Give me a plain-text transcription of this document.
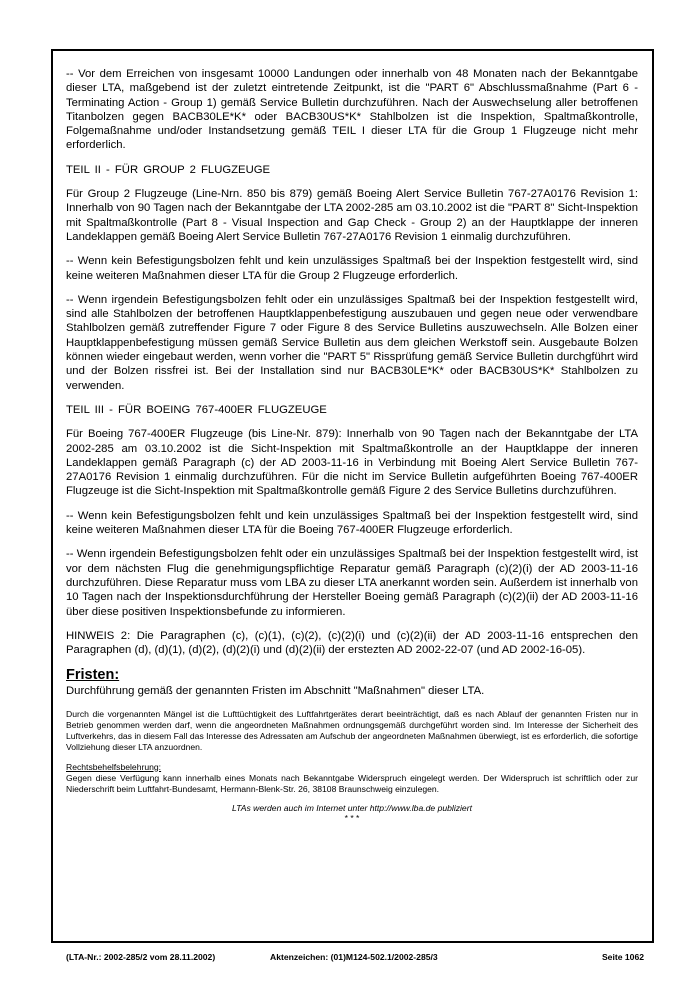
-- Vor dem Erreichen von insgesamt 10000 Landungen oder innerhalb von 48 Monaten nach der Bekanntgabe dieser LTA, maßgebend ist der zuletzt eintretende Zeitpunkt, ist die "PART 6" Abschlussmaßnahme (Part 6 - Terminating Action - Group 1) gemäß Service Bulletin durchzuführen. Nach der Auswechselung aller betroffenen Titanbolzen gegen BACB30LE*K* oder BACB30US*K* Stahlbolzen ist die Inspektion, Spaltmaßkontrolle, Folgemaßnahme und/oder Instandsetzung gemäß TEIL I dieser LTA für die Group 1 Flugzeuge nicht mehr erforderlich.

TEIL II - FÜR GROUP 2 FLUGZEUGE

Für Group 2 Flugzeuge (Line-Nrn. 850 bis 879) gemäß Boeing Alert Service Bulletin 767-27A0176 Revision 1: Innerhalb von 90 Tagen nach der Bekanntgabe der LTA 2002-285 am 03.10.2002 ist die "PART 8" Sicht-Inspektion mit Spaltmaßkontrolle (Part 8 - Visual Inspection and Gap Check - Group 2) an der Hauptklappe der inneren Landeklappen gemäß Boeing Alert Service Bulletin 767-27A0176 Revision 1 einmalig durchzuführen.

-- Wenn kein Befestigungsbolzen fehlt und kein unzulässiges Spaltmaß bei der Inspektion festgestellt wird, sind keine weiteren Maßnahmen dieser LTA für die Group 2 Flugzeuge erforderlich.

-- Wenn irgendein Befestigungsbolzen fehlt oder ein unzulässiges Spaltmaß bei der Inspektion festgestellt wird, sind alle Stahlbolzen der betroffenen Hauptklappenbefestigung auszubauen und gegen neue oder verwendbare Stahlbolzen gemäß zutreffender Figure 7 oder Figure 8 des Service Bulletins auszuwechseln. Alle Bolzen einer Hauptklappenbefestigung müssen gemäß Service Bulletin aus dem gleichen Werkstoff sein. Ausgebaute Bolzen können wieder eingebaut werden, wenn vorher die "PART 5" Rissprüfung gemäß Service Bulletin durchgführt wird und der Bolzen rissfrei ist. Bei der Installation sind nur BACB30LE*K* oder BACB30US*K* Stahlbolzen zu verwenden.

TEIL III - FÜR BOEING 767-400ER FLUGZEUGE

Für Boeing 767-400ER Flugzeuge (bis Line-Nr. 879): Innerhalb von 90 Tagen nach der Bekanntgabe der LTA 2002-285 am 03.10.2002 ist die Sicht-Inspektion mit Spaltmaßkontrolle an der Hauptklappe der inneren Landeklappen gemäß Paragraph (c) der AD 2003-11-16 in Verbindung mit Boeing Alert Service Bulletin 767-27A0176 Revision 1 einmalig durchzuführen. Für die nicht im Service Bulletin aufgeführten Boeing 767-400ER Flugzeuge ist die Sicht-Inspektion mit Spaltmaßkontrolle gemäß Figure 2 des Service Bulletins durchzuführen.

-- Wenn kein Befestigungsbolzen fehlt und kein unzulässiges Spaltmaß bei der Inspektion festgestellt wird, sind keine weiteren Maßnahmen dieser LTA für die Boeing 767-400ER Flugzeuge erforderlich.

-- Wenn irgendein Befestigungsbolzen fehlt oder ein unzulässiges Spaltmaß bei der Inspektion festgestellt wird, ist vor dem nächsten Flug die genehmigungspflichtige Reparatur gemäß Paragraph (c)(2)(i) der AD 2003-11-16 durchzuführen. Diese Reparatur muss vom LBA zu dieser LTA anerkannt worden sein. Außerdem ist innerhalb von 10 Tagen nach der Inspektionsdurchführung der Hersteller Boeing gemäß Paragraph (c)(2)(ii) der AD 2003-11-16 über diese positiven Inspektionsbefunde zu informieren.

HINWEIS 2: Die Paragraphen (c), (c)(1), (c)(2), (c)(2)(i) und (c)(2)(ii) der AD 2003-11-16 entsprechen den Paragraphen (d), (d)(1), (d)(2), (d)(2)(i) und (d)(2)(ii) der erstezten AD 2002-22-07 (und AD 2002-16-05).

Fristen:

Durchführung gemäß der genannten Fristen im Abschnitt "Maßnahmen" dieser LTA.

Durch die vorgenannten Mängel ist die Lufttüchtigkeit des Luftfahrtgerätes derart beeinträchtigt, daß es nach Ablauf der genannten Fristen nur in Betrieb genommen werden darf, wenn die angeordneten Maßnahmen ordnungsgemäß durchgeführt worden sind. Im Interesse der Sicherheit des Luftverkehrs, das in diesem Fall das Interesse des Adressaten am Aufschub der angeordneten Maßnahmen überwiegt, ist es erforderlich, die sofortige Vollziehung dieser LTA anzuordnen.

Rechtsbehelfsbelehrung:

Gegen diese Verfügung kann innerhalb eines Monats nach Bekanntgabe Widerspruch eingelegt werden. Der Widerspruch ist schriftlich oder zur Niederschrift beim Luftfahrt-Bundesamt, Hermann-Blenk-Str. 26, 38108 Braunschweig einzulegen.

LTAs werden auch im Internet unter http://www.lba.de publiziert

* * *

(LTA-Nr.: 2002-285/2 vom 28.11.2002)	Aktenzeichen: (01)M124-502.1/2002-285/3	Seite 1062
